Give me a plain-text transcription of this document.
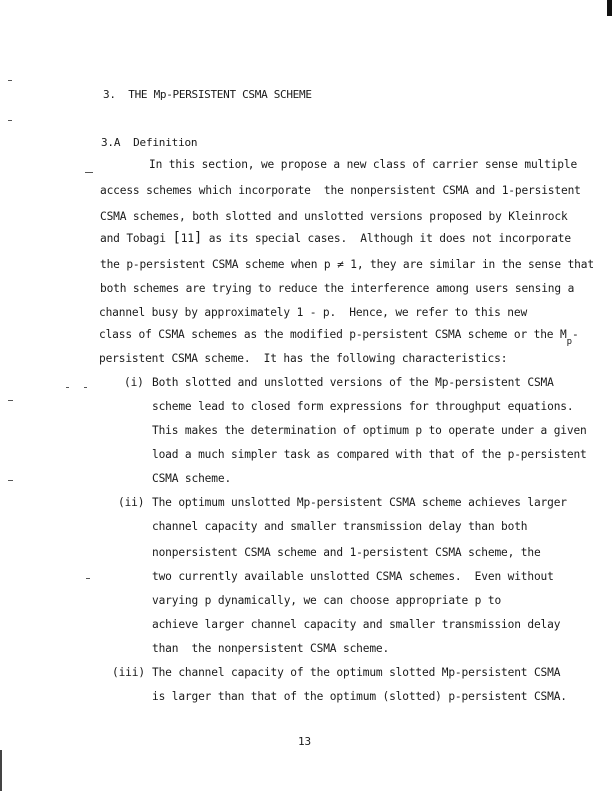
3.  THE Mp-PERSISTENT CSMA SCHEME
3.A  Definition
In this section, we propose a new class of carrier sense multiple
access schemes which incorporate  the nonpersistent CSMA and 1-persistent
CSMA schemes, both slotted and unslotted versions proposed by Kleinrock
and Tobagi [11] as its special cases.  Although it does not incorporate
the p-persistent CSMA scheme when p ≠ 1, they are similar in the sense that
both schemes are trying to reduce the interference among users sensing a
channel busy by approximately 1 - p.  Hence, we refer to this new
class of CSMA schemes as the modified p-persistent CSMA scheme or the $M_p-$
persistent CSMA scheme.  It has the following characteristics:
(i) Both slotted and unslotted versions of the Mp-persistent CSMA
scheme lead to closed form expressions for throughput equations.
This makes the determination of optimum p to operate under a given
load a much simpler task as compared with that of the p-persistent
CSMA scheme.
(ii) The optimum unslotted Mp-persistent CSMA scheme achieves larger
channel capacity and smaller transmission delay than both
nonpersistent CSMA scheme and 1-persistent CSMA scheme, the
two currently available unslotted CSMA schemes.  Even without
varying p dynamically, we can choose appropriate p to
achieve larger channel capacity and smaller transmission delay
than  the nonpersistent CSMA scheme.
(iii) The channel capacity of the optimum slotted Mp-persistent CSMA
is larger than that of the optimum (slotted) p-persistent CSMA.
13
